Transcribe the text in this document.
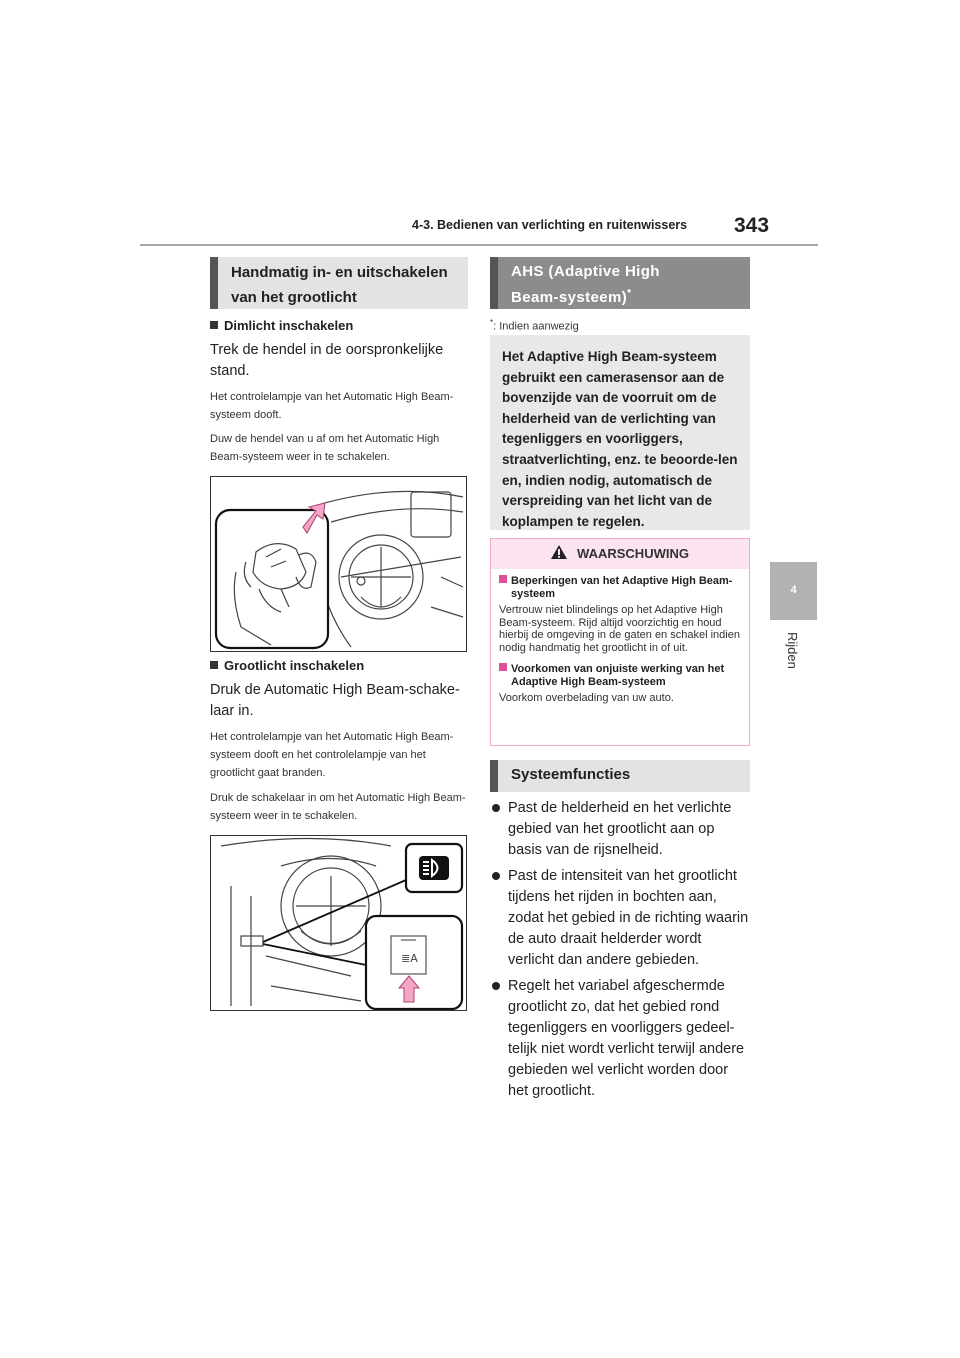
4-3. Bedienen van verlichting en ruitenwissers 343
4
Rijden
Handmatig in- en uitschakelen
van het grootlicht
Dimlicht inschakelen
Trek de hendel in de oorspronkelijke stand.
Het controlelampje van het Automatic High Beam-systeem dooft.
Duw de hendel van u af om het Automatic High Beam-systeem weer in te schakelen.
Grootlicht inschakelen
Druk de Automatic High Beam-schake-
laar in.
Het controlelampje van het Automatic High Beam-systeem dooft en het controlelampje van het grootlicht gaat branden.
Druk de schakelaar in om het Automatic High Beam-systeem weer in te schakelen.
≣A
AHS (Adaptive High
Beam-systeem)*
*: Indien aanwezig
Het Adaptive High Beam-systeem gebruikt een camerasensor aan de bovenzijde van de voorruit om de helderheid van de verlichting van tegenliggers en voorliggers, straatverlichting, enz. te beoorde-len en, indien nodig, automatisch de verspreiding van het licht van de koplampen te regelen.
WAARSCHUWING
Beperkingen van het Adaptive High Beam-systeem
Vertrouw niet blindelings op het Adaptive High Beam-systeem. Rijd altijd voorzichtig en houd hierbij de omgeving in de gaten en schakel indien nodig handmatig het grootlicht in of uit.
Voorkomen van onjuiste werking van het Adaptive High Beam-systeem
Voorkom overbelading van uw auto.
Systeemfuncties
Past de helderheid en het verlichte gebied van het grootlicht aan op basis van de rijsnelheid.
Past de intensiteit van het grootlicht tijdens het rijden in bochten aan, zodat het gebied in de richting waarin de auto draait helderder wordt verlicht dan andere gebieden.
Regelt het variabel afgeschermde grootlicht zo, dat het gebied rond tegenliggers en voorliggers gedeel-telijk niet wordt verlicht terwijl andere gebieden wel verlicht worden door het grootlicht.
